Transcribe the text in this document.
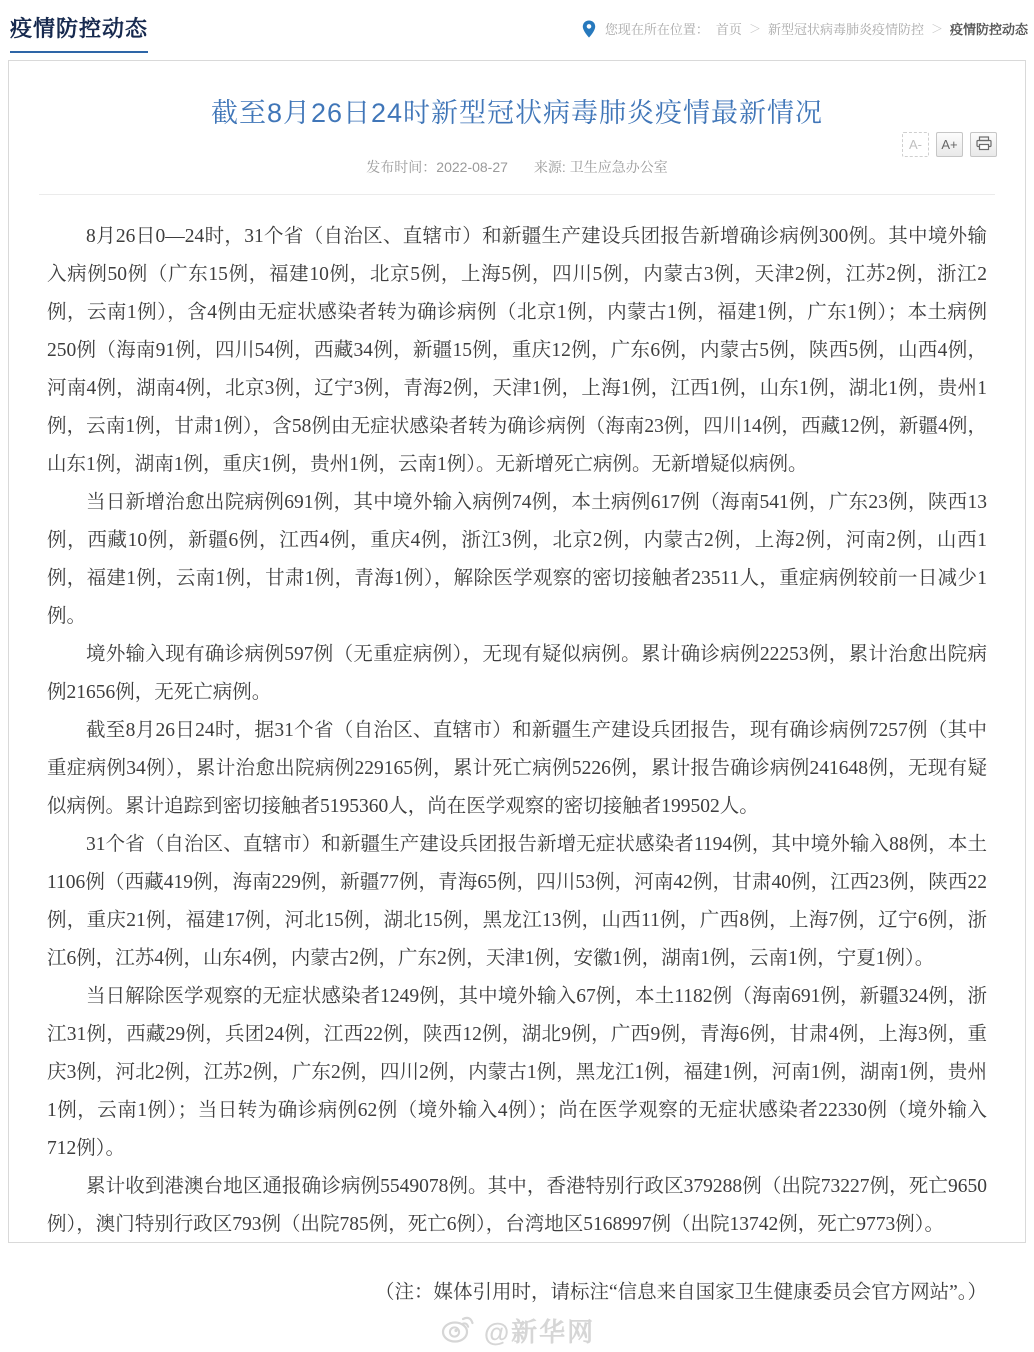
疫情防控动态	您现在所在位置： 首页 ＞ 新型冠状病毒肺炎疫情防控 ＞ 疫情防控动态
截至8月26日24时新型冠状病毒肺炎疫情最新情况
发布时间：2022-08-27 来源: 卫生应急办公室
A-	A+

8月26日0—24时，31个省（自治区、直辖市）和新疆生产建设兵团报告新增确诊病例300例。其中境外输入病例50例（广东15例，福建10例，北京5例，上海5例，四川5例，内蒙古3例，天津2例，江苏2例，浙江2例，云南1例），含4例由无症状感染者转为确诊病例（北京1例，内蒙古1例，福建1例，广东1例）；本土病例250例（海南91例，四川54例，西藏34例，新疆15例，重庆12例，广东6例，内蒙古5例，陕西5例，山西4例，河南4例，湖南4例，北京3例，辽宁3例，青海2例，天津1例，上海1例，江西1例，山东1例，湖北1例，贵州1例，云南1例，甘肃1例），含58例由无症状感染者转为确诊病例（海南23例，四川14例，西藏12例，新疆4例，山东1例，湖南1例，重庆1例，贵州1例，云南1例）。无新增死亡病例。无新增疑似病例。

当日新增治愈出院病例691例，其中境外输入病例74例，本土病例617例（海南541例，广东23例，陕西13例，西藏10例，新疆6例，江西4例，重庆4例，浙江3例，北京2例，内蒙古2例，上海2例，河南2例，山西1例，福建1例，云南1例，甘肃1例，青海1例），解除医学观察的密切接触者23511人，重症病例较前一日减少1例。

境外输入现有确诊病例597例（无重症病例），无现有疑似病例。累计确诊病例22253例，累计治愈出院病例21656例，无死亡病例。

截至8月26日24时，据31个省（自治区、直辖市）和新疆生产建设兵团报告，现有确诊病例7257例（其中重症病例34例），累计治愈出院病例229165例，累计死亡病例5226例，累计报告确诊病例241648例，无现有疑似病例。累计追踪到密切接触者5195360人，尚在医学观察的密切接触者199502人。

31个省（自治区、直辖市）和新疆生产建设兵团报告新增无症状感染者1194例，其中境外输入88例，本土1106例（西藏419例，海南229例，新疆77例，青海65例，四川53例，河南42例，甘肃40例，江西23例，陕西22例，重庆21例，福建17例，河北15例，湖北15例，黑龙江13例，山西11例，广西8例，上海7例，辽宁6例，浙江6例，江苏4例，山东4例，内蒙古2例，广东2例，天津1例，安徽1例，湖南1例，云南1例，宁夏1例）。

当日解除医学观察的无症状感染者1249例，其中境外输入67例，本土1182例（海南691例，新疆324例，浙江31例，西藏29例，兵团24例，江西22例，陕西12例，湖北9例，广西9例，青海6例，甘肃4例，上海3例，重庆3例，河北2例，江苏2例，广东2例，四川2例，内蒙古1例，黑龙江1例，福建1例，河南1例，湖南1例，贵州1例，云南1例）；当日转为确诊病例62例（境外输入4例）；尚在医学观察的无症状感染者22330例（境外输入712例）。

累计收到港澳台地区通报确诊病例5549078例。其中，香港特别行政区379288例（出院73227例，死亡9650例），澳门特别行政区793例（出院785例，死亡6例），台湾地区5168997例（出院13742例，死亡9773例）。

（注：媒体引用时，请标注“信息来自国家卫生健康委员会官方网站”。）
@新华网
